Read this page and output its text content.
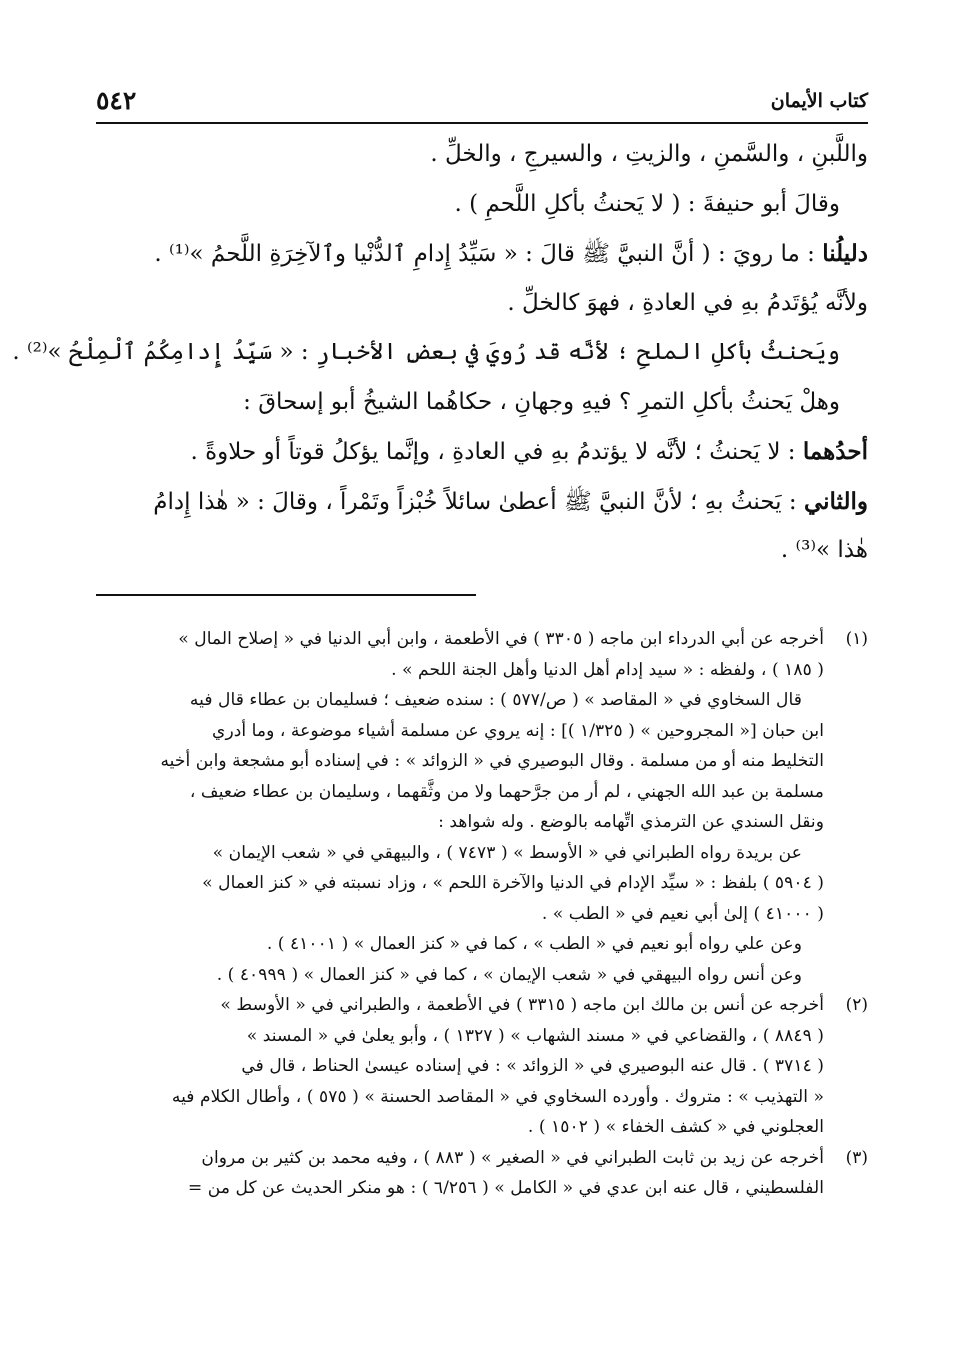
كتاب الأيمان
٥٤٢
واللَّبنِ ، والسَّمنِ ، والزيتِ ، والسيرجِ ، والخلِّ .
وقالَ أبو حنيفةَ : ( لا يَحنثُ بأكلِ اللَّحمِ ) .
دليلُنا : ما رويَ : ( أنَّ النبيَّ ﷺ قالَ : « سَيِّدُ إِدامِ ٱلدُّنْيا وٱلآخِرَةِ اللَّحمُ »⁽¹⁾ .
ولأنَّه يُؤتَدمُ بهِ في العادةِ ، فهوَ كالخلِّ .
ويَحنثُ بأكلِ الملحِ ؛ لأنَّه قد رُويَ في بعضِ الأخبارِ : « سَيِّدُ إِدامِكُمُ ٱلْمِلْحُ »⁽²⁾ .
وهلْ يَحنثُ بأكلِ التمرِ ؟ فيهِ وجهانِ ، حكاهُما الشيخُ أبو إسحاقَ :
أحدُهما : لا يَحنثُ ؛ لأنَّه لا يؤتدمُ بهِ في العادةِ ، وإنَّما يؤكلُ قوتاً أو حلاوةً .
والثاني : يَحنثُ بهِ ؛ لأنَّ النبيَّ ﷺ أعطىٰ سائلاً خُبْزاً وتَمْراً ، وقالَ : « هٰذا إِدامُ
هٰذا »⁽³⁾ .
(١)
أخرجه عن أبي الدرداء ابن ماجه ( ٣٣٠٥ ) في الأطعمة ، وابن أبي الدنيا في « إصلاح المال »
( ١٨٥ ) ، ولفظه : « سيد إدام أهل الدنيا وأهل الجنة اللحم » .
قال السخاوي في « المقاصد » ( ص/٥٧٧ ) : سنده ضعيف ؛ فسليمان بن عطاء قال فيه
ابن حبان [« المجروحين » ( ١/٣٢٥ )] : إنه يروي عن مسلمة أشياء موضوعة ، وما أدري
التخليط منه أو من مسلمة . وقال البوصيري في « الزوائد » : في إسناده أبو مشجعة وابن أخيه
مسلمة بن عبد الله الجهني ، لم أر من جرَّحهما ولا من وثَّقهما ، وسليمان بن عطاء ضعيف ،
ونقل السندي عن الترمذي اتِّهامه بالوضع . وله شواهد :
عن بريدة رواه الطبراني في « الأوسط » ( ٧٤٧٣ ) ، والبيهقي في « شعب الإيمان »
( ٥٩٠٤ ) بلفظ : « سيِّد الإدام في الدنيا والآخرة اللحم » ، وزاد نسبته في « كنز العمال »
( ٤١٠٠٠ ) إلىٰ أبي نعيم في « الطب » .
وعن علي رواه أبو نعيم في « الطب » ، كما في « كنز العمال » ( ٤١٠٠١ ) .
وعن أنس رواه البيهقي في « شعب الإيمان » ، كما في « كنز العمال » ( ٤٠٩٩٩ ) .
(٢)
أخرجه عن أنس بن مالك ابن ماجه ( ٣٣١٥ ) في الأطعمة ، والطبراني في « الأوسط »
( ٨٨٤٩ ) ، والقضاعي في « مسند الشهاب » ( ١٣٢٧ ) ، وأبو يعلىٰ في « المسند »
( ٣٧١٤ ) . قال عنه البوصيري في « الزوائد » : في إسناده عيسىٰ الحناط ، قال في
« التهذيب » : متروك . وأورده السخاوي في « المقاصد الحسنة » ( ٥٧٥ ) ، وأطال الكلام فيه
العجلوني في « كشف الخفاء » ( ١٥٠٢ ) .
(٣)
أخرجه عن زيد بن ثابت الطبراني في « الصغير » ( ٨٨٣ ) ، وفيه محمد بن كثير بن مروان
الفلسطيني ، قال عنه ابن عدي في « الكامل » ( ٦/٢٥٦ ) : هو منكر الحديث عن كل من =
